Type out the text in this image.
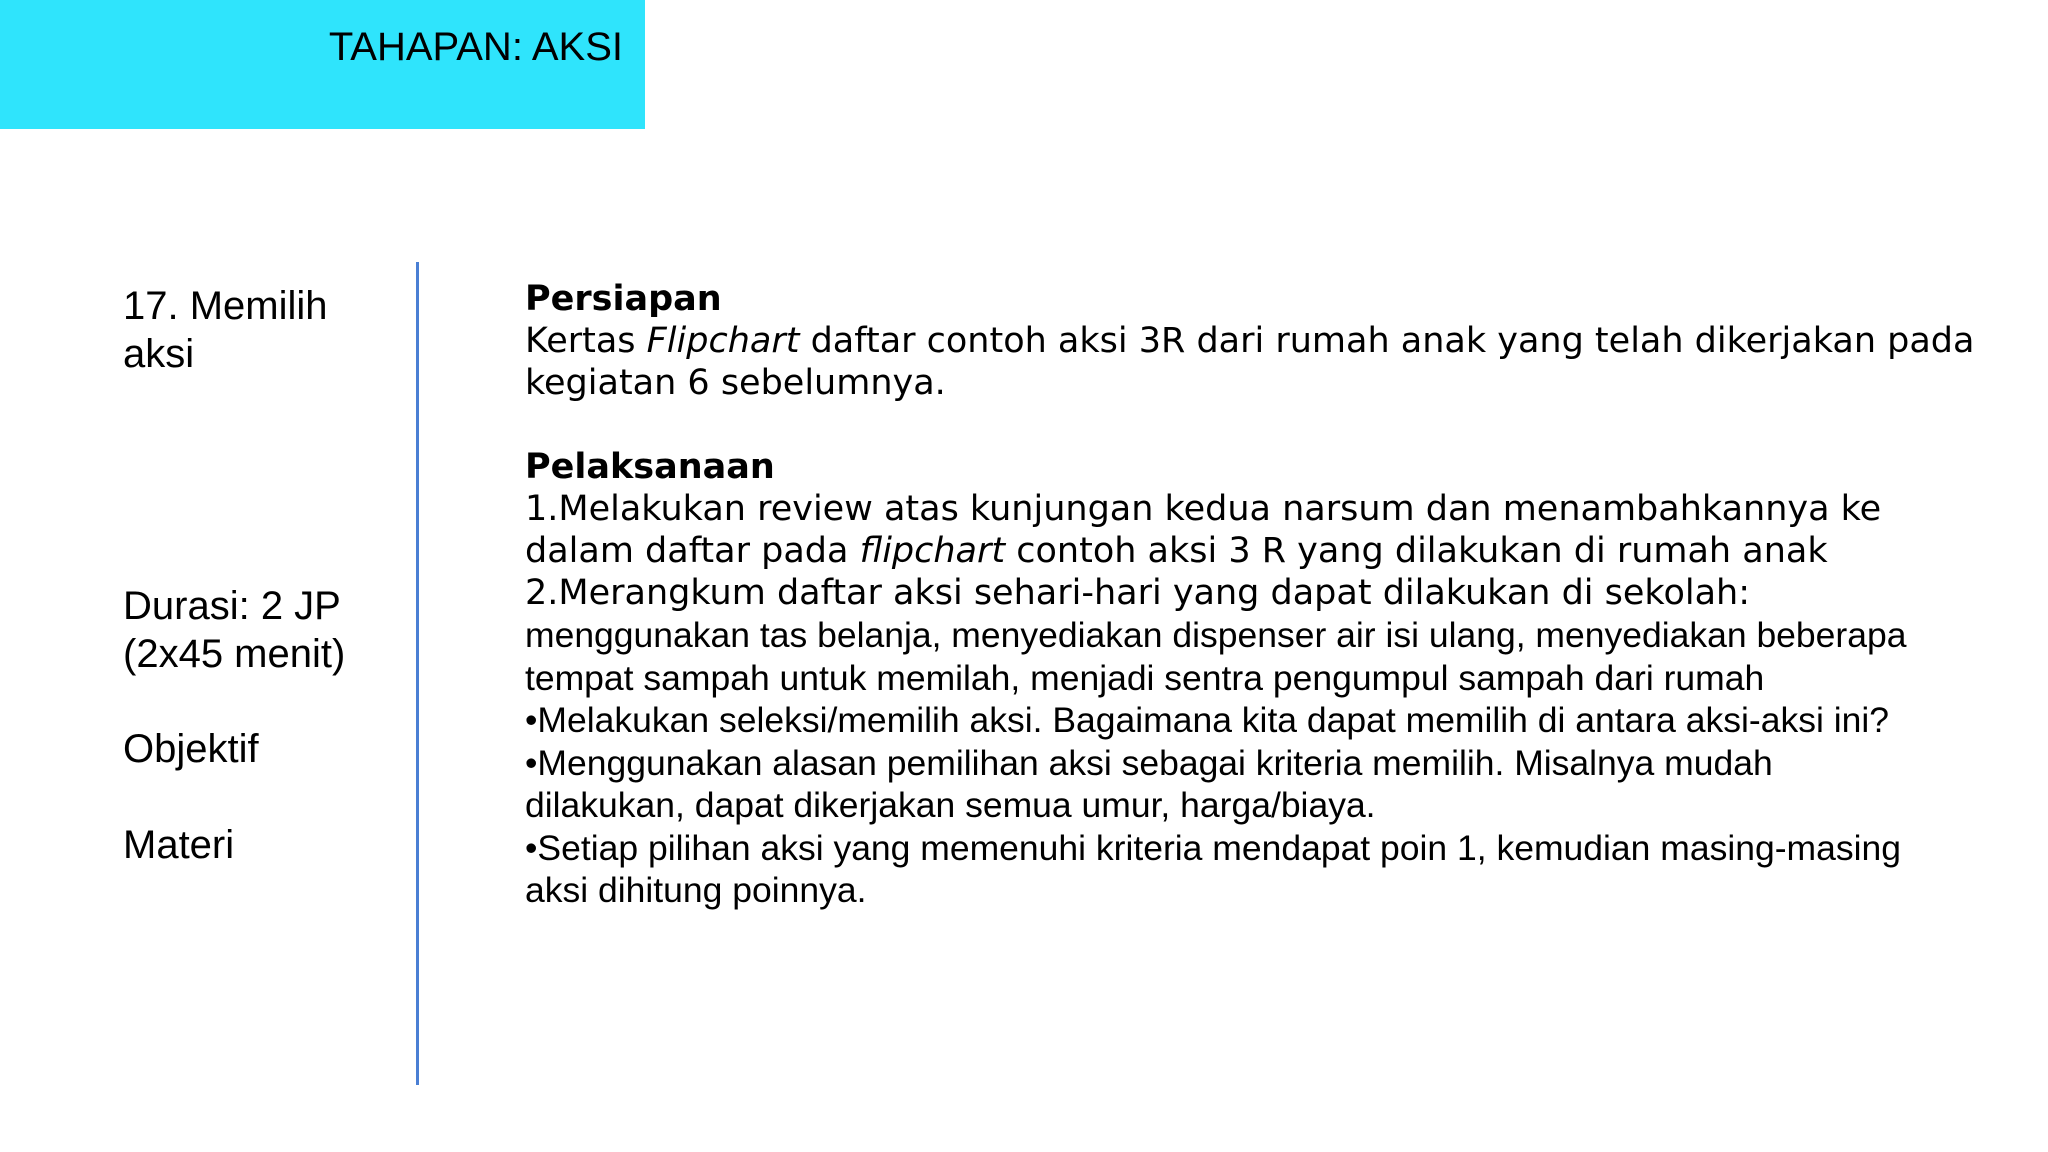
TAHAPAN: AKSI

17. Memilih

aksi

Durasi: 2 JP

(2x45 menit)

Objektif

Materi

Persiapan

Kertas Flipchart daftar contoh aksi 3R dari rumah anak yang telah dikerjakan pada

kegiatan 6 sebelumnya.

Pelaksanaan

1.Melakukan review atas kunjungan kedua narsum dan menambahkannya ke

dalam daftar pada flipchart contoh aksi 3 R yang dilakukan di rumah anak

2.Merangkum daftar aksi sehari-hari yang dapat dilakukan di sekolah:

menggunakan tas belanja, menyediakan dispenser air isi ulang, menyediakan beberapa

tempat sampah untuk memilah, menjadi sentra pengumpul sampah dari rumah

•Melakukan seleksi/memilih aksi. Bagaimana kita dapat memilih di antara aksi-aksi ini?

•Menggunakan alasan pemilihan aksi sebagai kriteria memilih. Misalnya mudah

dilakukan, dapat dikerjakan semua umur, harga/biaya.

•Setiap pilihan aksi yang memenuhi kriteria mendapat poin 1, kemudian masing-masing

aksi dihitung poinnya.
